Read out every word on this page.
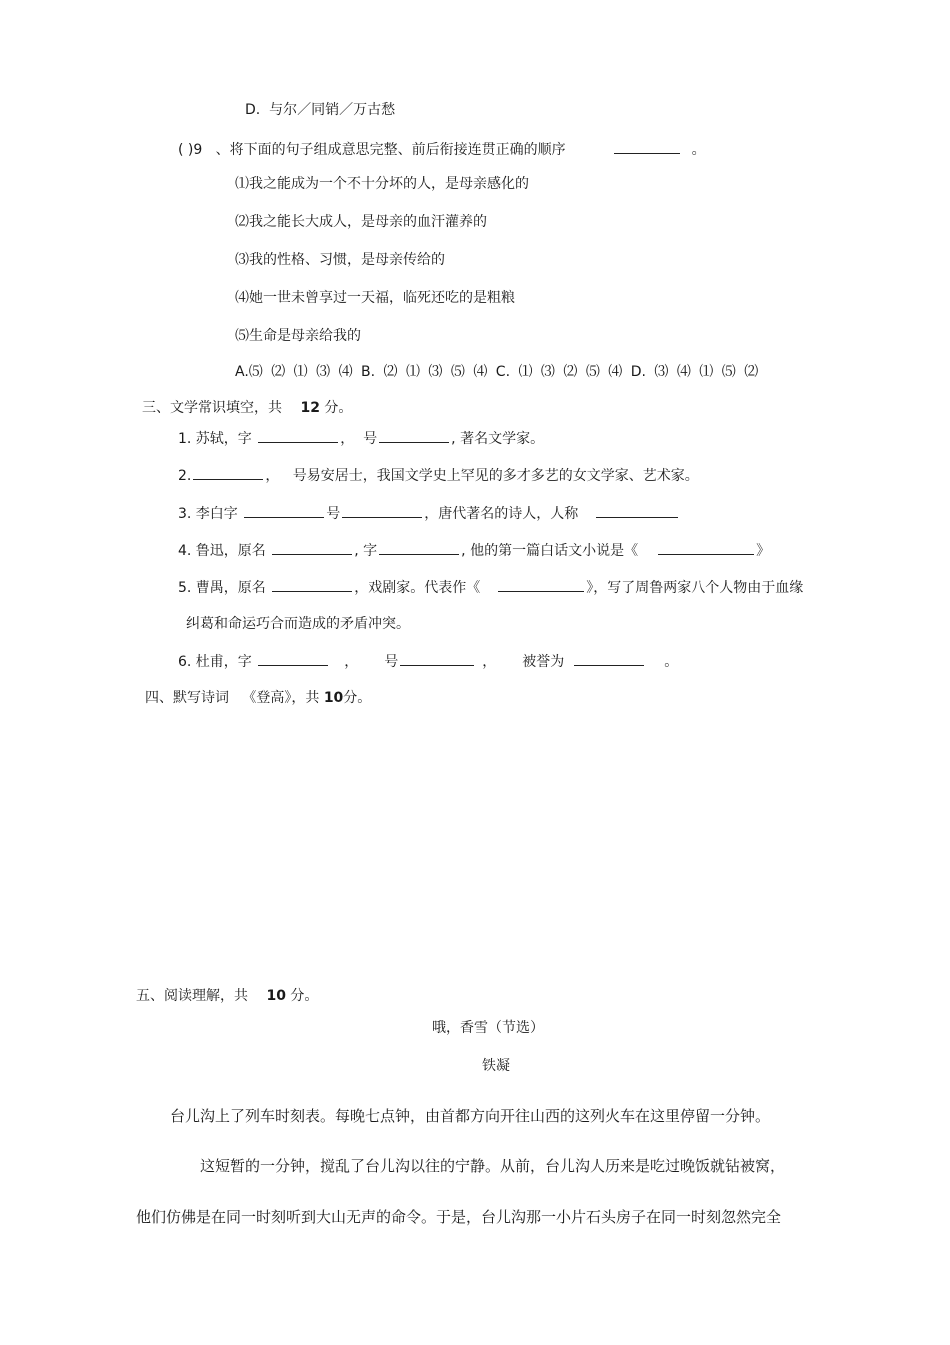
D.  与尔／同销／万古愁
( )9   、将下面的句子组成意思完整、前后衔接连贯正确的顺序	。
⑴我之能成为一个不十分坏的人，是母亲感化的
⑵我之能长大成人，是母亲的血汗灌养的
⑶我的性格、习惯，是母亲传给的
⑷她一世未曾享过一天福，临死还吃的是粗粮
⑸生命是母亲给我的
A.⑸ ⑵ ⑴ ⑶ ⑷ B. ⑵ ⑴ ⑶ ⑸ ⑷ C. ⑴ ⑶ ⑵ ⑸ ⑷ D. ⑶ ⑷ ⑴ ⑸ ⑵
三、文学常识填空，共 12 分。
1. 苏轼，字	，  号	, 著名文学家。
2.	，   号易安居士，我国文学史上罕见的多才多艺的女文学家、艺术家。
3. 李白字	号	，唐代著名的诗人，人称
4. 鲁迅，原名	, 字	, 他的第一篇白话文小说是《	》
5. 曹禺，原名	，戏剧家。代表作《	》，写了周鲁两家八个人物由于血缘
纠葛和命运巧合而造成的矛盾冲突。
6. 杜甫，字	， 号	， 被誉为	。
四、默写诗词   《登高》，共 10分。
五、阅读理解，共 10 分。
哦，香雪（节选）
铁凝
台儿沟上了列车时刻表。每晚七点钟，由首都方向开往山西的这列火车在这里停留一分钟。
这短暂的一分钟，搅乱了台儿沟以往的宁静。从前，台儿沟人历来是吃过晚饭就钻被窝，
他们仿佛是在同一时刻听到大山无声的命令。于是，台儿沟那一小片石头房子在同一时刻忽然完全
